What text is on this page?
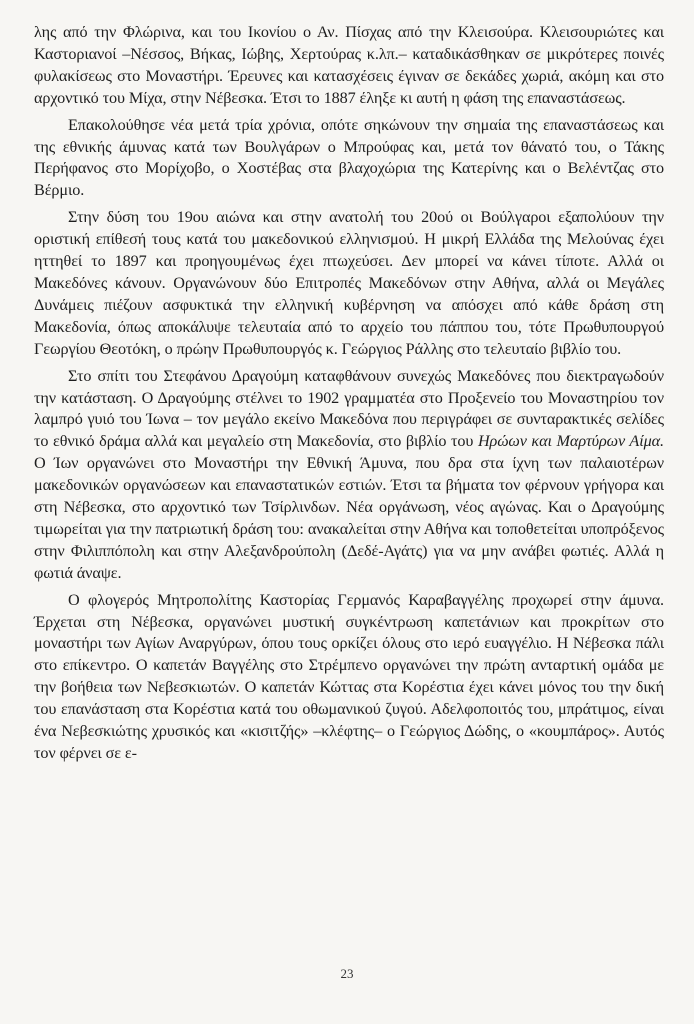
λης από την Φλώρινα, και του Ικονίου ο Αν. Πίσχας από την Κλεισούρα. Κλεισουριώτες και Καστοριανοί –Νέσσος, Βήκας, Ιώβης, Χερτούρας κ.λπ.– καταδικάσθηκαν σε μικρότερες ποινές φυλακίσεως στο Μοναστήρι. Έρευνες και κατασχέσεις έγιναν σε δεκάδες χωριά, ακόμη και στο αρχοντικό του Μίχα, στην Νέβεσκα. Έτσι το 1887 έληξε κι αυτή η φάση της επαναστάσεως.

Επακολούθησε νέα μετά τρία χρόνια, οπότε σηκώνουν την σημαία της επαναστάσεως και της εθνικής άμυνας κατά των Βουλγάρων ο Μπρούφας και, μετά τον θάνατό του, ο Τάκης Περήφανος στο Μορίχοβο, ο Χοστέβας στα βλαχοχώρια της Κατερίνης και ο Βελέντζας στο Βέρμιο.

Στην δύση του 19ου αιώνα και στην ανατολή του 20ού οι Βούλγαροι εξαπολύουν την οριστική επίθεσή τους κατά του μακεδονικού ελληνισμού. Η μικρή Ελλάδα της Μελούνας έχει ηττηθεί το 1897 και προηγουμένως έχει πτωχεύσει. Δεν μπορεί να κάνει τίποτε. Αλλά οι Μακεδόνες κάνουν. Οργανώνουν δύο Επιτροπές Μακεδόνων στην Αθήνα, αλλά οι Μεγάλες Δυνάμεις πιέζουν ασφυκτικά την ελληνική κυβέρνηση να απόσχει από κάθε δράση στη Μακεδονία, όπως αποκάλυψε τελευταία από το αρχείο του πάππου του, τότε Πρωθυπουργού Γεωργίου Θεοτόκη, ο πρώην Πρωθυπουργός κ. Γεώργιος Ράλλης στο τελευταίο βιβλίο του.

Στο σπίτι του Στεφάνου Δραγούμη καταφθάνουν συνεχώς Μακεδόνες που διεκτραγωδούν την κατάσταση. Ο Δραγούμης στέλνει το 1902 γραμματέα στο Προξενείο του Μοναστηρίου τον λαμπρό γυιό του Ίωνα – τον μεγάλο εκείνο Μακεδόνα που περιγράφει σε συνταρακτικές σελίδες το εθνικό δράμα αλλά και μεγαλείο στη Μακεδονία, στο βιβλίο του Ηρώων και Μαρτύρων Αίμα. Ο Ίων οργανώνει στο Μοναστήρι την Εθνική Άμυνα, που δρα στα ίχνη των παλαιοτέρων μακεδονικών οργανώσεων και επαναστατικών εστιών. Έτσι τα βήματα τον φέρνουν γρήγορα και στη Νέβεσκα, στο αρχοντικό των Τσίρλινδων. Νέα οργάνωση, νέος αγώνας. Και ο Δραγούμης τιμωρείται για την πατριωτική δράση του: ανακαλείται στην Αθήνα και τοποθετείται υποπρόξενος στην Φιλιππόπολη και στην Αλεξανδρούπολη (Δεδέ-Αγάτς) για να μην ανάβει φωτιές. Αλλά η φωτιά άναψε.

Ο φλογερός Μητροπολίτης Καστορίας Γερμανός Καραβαγγέλης προχωρεί στην άμυνα. Έρχεται στη Νέβεσκα, οργανώνει μυστική συγκέντρωση καπετάνιων και προκρίτων στο μοναστήρι των Αγίων Αναργύρων, όπου τους ορκίζει όλους στο ιερό ευαγγέλιο. Η Νέβεσκα πάλι στο επίκεντρο. Ο καπετάν Βαγγέλης στο Στρέμπενο οργανώνει την πρώτη ανταρτική ομάδα με την βοήθεια των Νεβεσκιωτών. Ο καπετάν Κώττας στα Κορέστια έχει κάνει μόνος του την δική του επανάσταση στα Κορέστια κατά του οθωμανικού ζυγού. Αδελφοποιτός του, μπράτιμος, είναι ένα Νεβεσκιώτης χρυσικός και «κισιτζής» –κλέφτης– ο Γεώργιος Δώδης, ο «κουμπάρος». Αυτός τον φέρνει σε ε-

23
